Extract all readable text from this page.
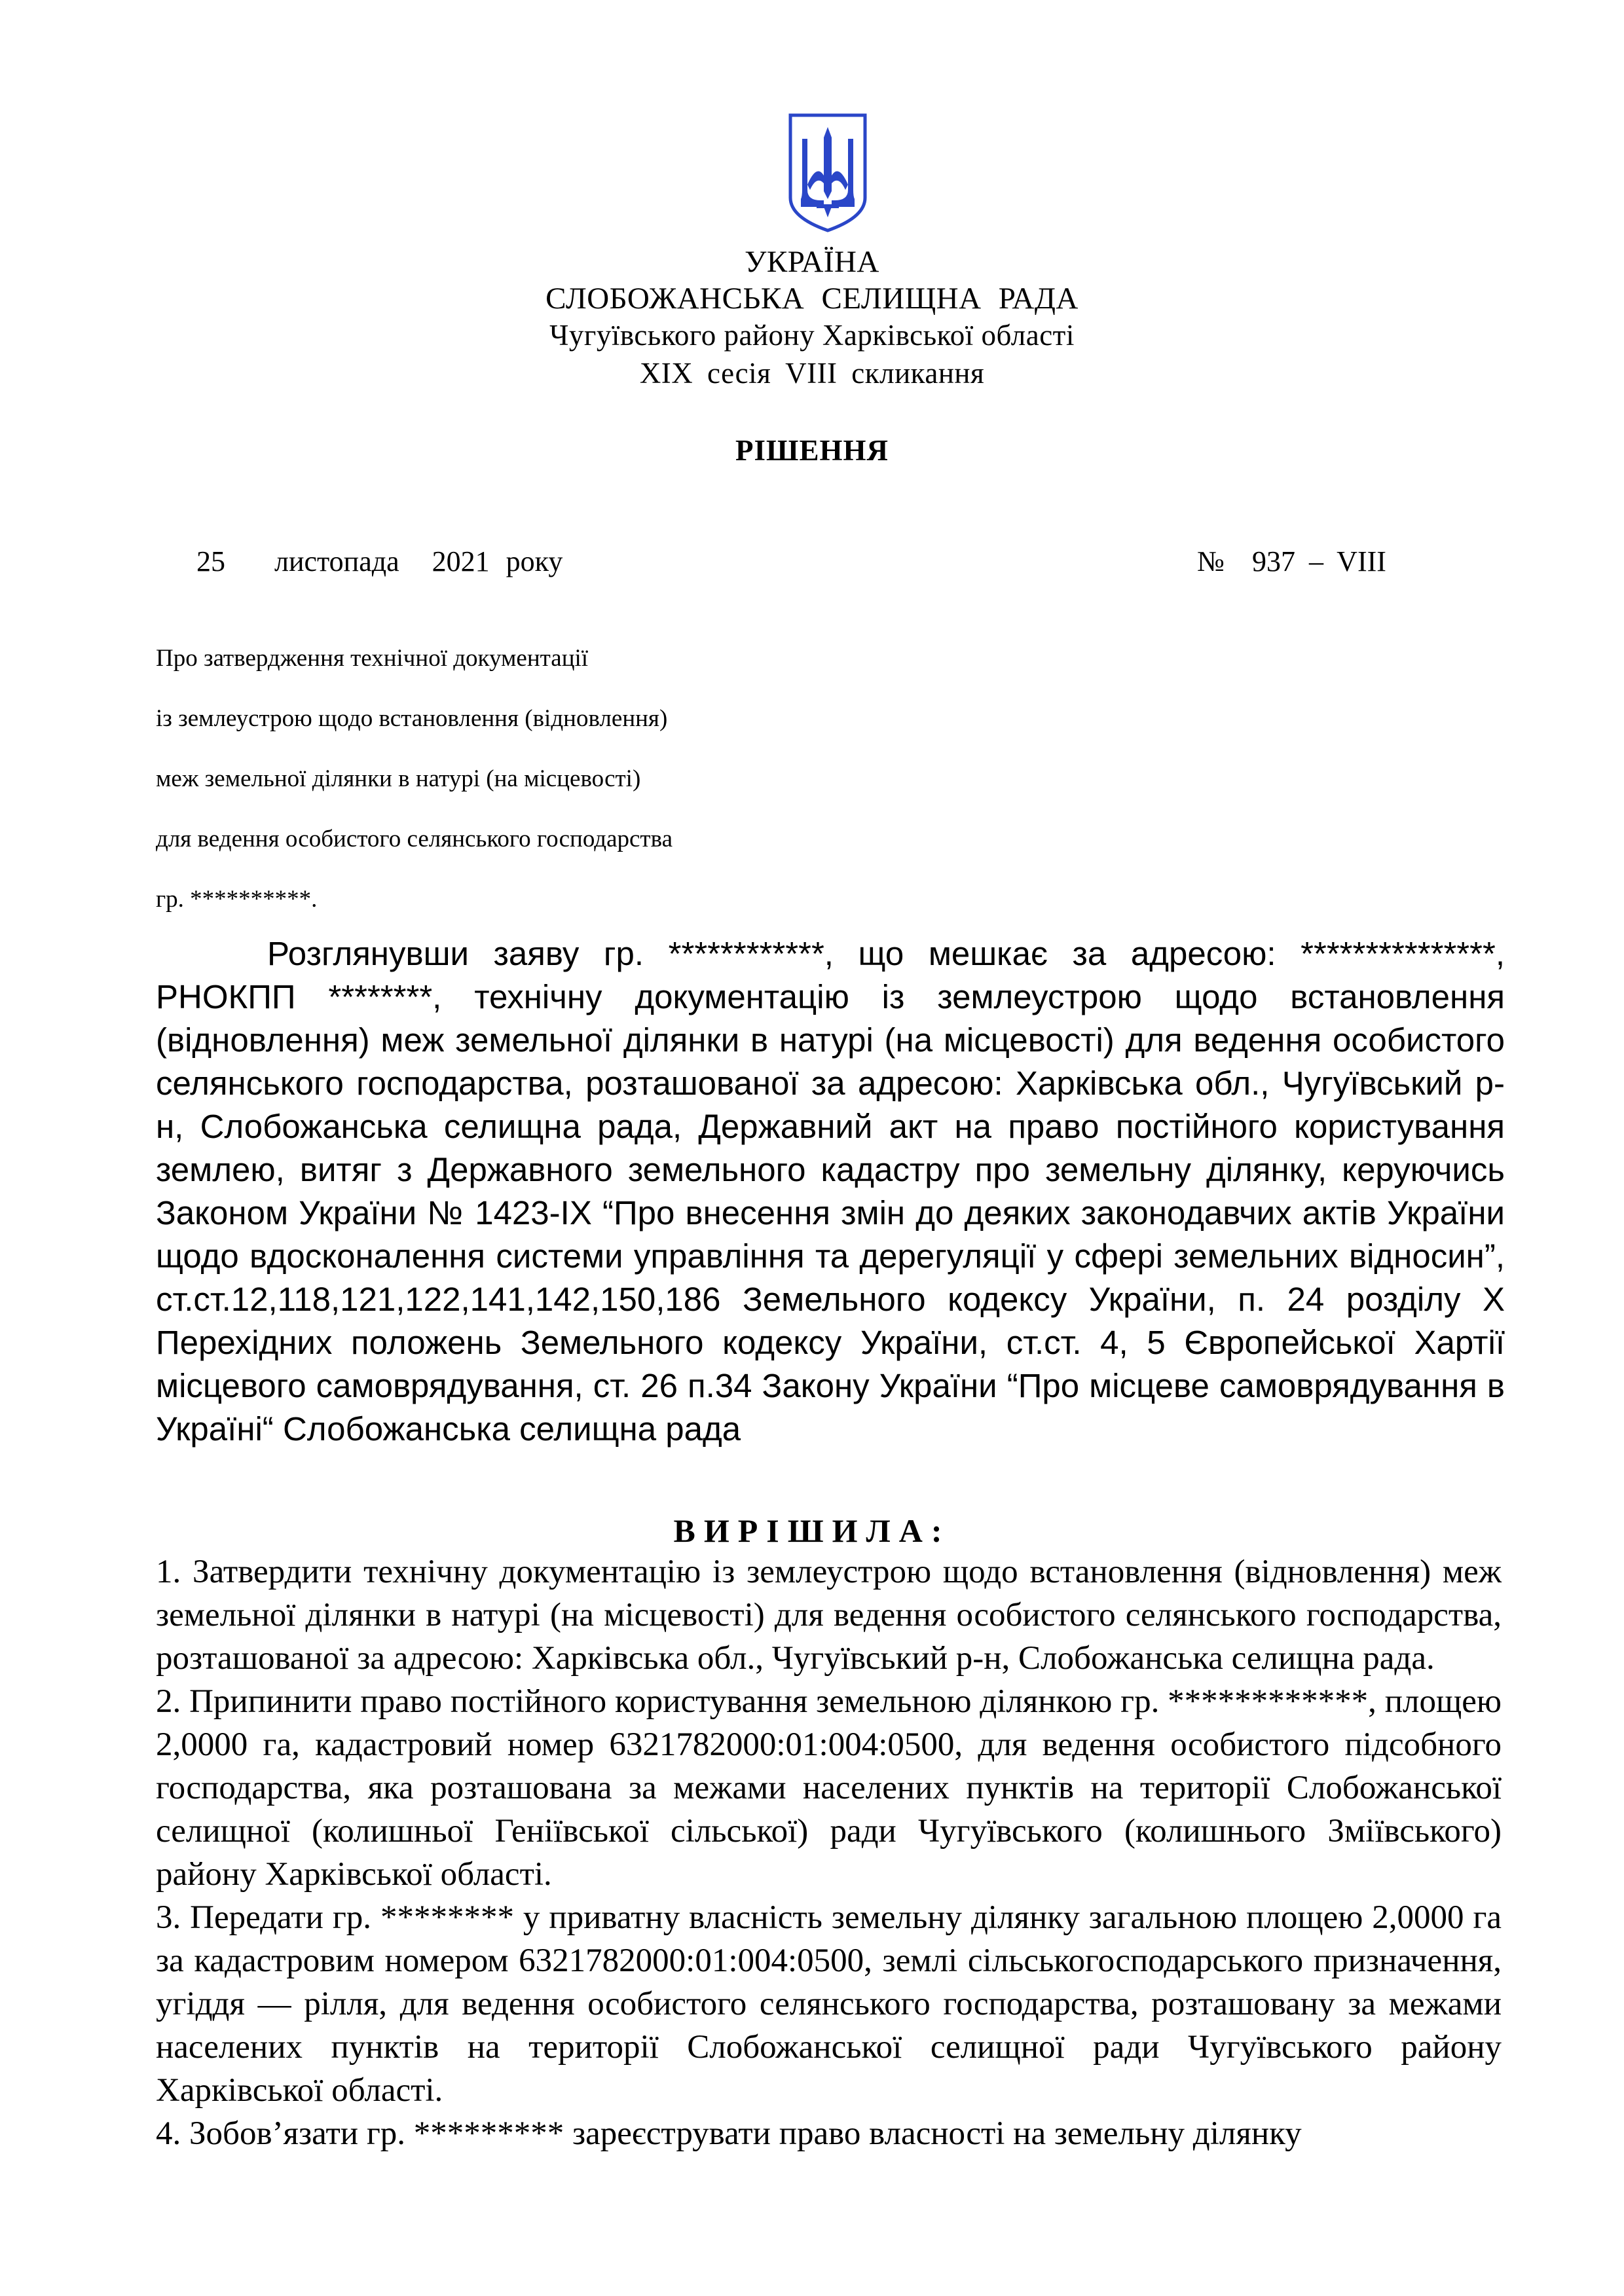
УКРАЇНА
СЛОБОЖАНСЬКА СЕЛИЩНА РАДА
Чугуївського району Харківської області
XIX сесія VIII скликання
РІШЕННЯ
25   листопада  2021 року	№  937 – VIII
Про затвердження технічної документації
із землеустрою щодо встановлення (відновлення)
меж земельної ділянки в натурі (на місцевості)
для ведення особистого селянського господарства
гр. **********.

Розглянувши заяву гр. ************, що мешкає за адресою: ***************, РНОКПП ********, технічну документацію із землеустрою щодо встановлення (відновлення) меж земельної ділянки в натурі (на місцевості) для ведення особистого селянського господарства, розташованої за адресою: Харківська обл., Чугуївський р-н, Слобожанська селищна рада, Державний акт на право постійного користування землею, витяг з Державного земельного кадастру про земельну ділянку, керуючись Законом України № 1423-IX “Про внесення змін до деяких законодавчих актів України щодо вдосконалення системи управління та дерегуляції у сфері земельних відносин”, ст.ст.12,118,121,122,141,142,150,186 Земельного кодексу України, п. 24 розділу X Перехідних положень Земельного кодексу України, ст.ст. 4, 5 Європейської Хартії місцевого самоврядування, ст. 26 п.34 Закону України “Про місцеве самоврядування в Україні“ Слобожанська селищна рада

ВИРІШИЛА:

1. Затвердити технічну документацію із землеустрою щодо встановлення (відновлення) меж земельної ділянки в натурі (на місцевості) для ведення особистого селянського господарства, розташованої за адресою: Харківська обл., Чугуївський р-н, Слобожанська селищна рада.

2. Припинити право постійного користування земельною ділянкою гр. ************, площею 2,0000 га, кадастровий номер 6321782000:01:004:0500, для ведення особистого підсобного господарства, яка розташована за межами населених пунктів на території Слобожанської селищної (колишньої Геніївської сільської) ради Чугуївського (колишнього Зміївського) району Харківської області.

3. Передати гр. ******** у приватну власність земельну ділянку загальною площею 2,0000 га за кадастровим номером 6321782000:01:004:0500, землі сільськогосподарського призначення, угіддя — рілля, для ведення особистого селянського господарства, розташовану за межами населених пунктів на території Слобожанської селищної ради Чугуївського району Харківської області.

4. Зобов’язати гр. ********* зареєструвати право власності на земельну ділянку
